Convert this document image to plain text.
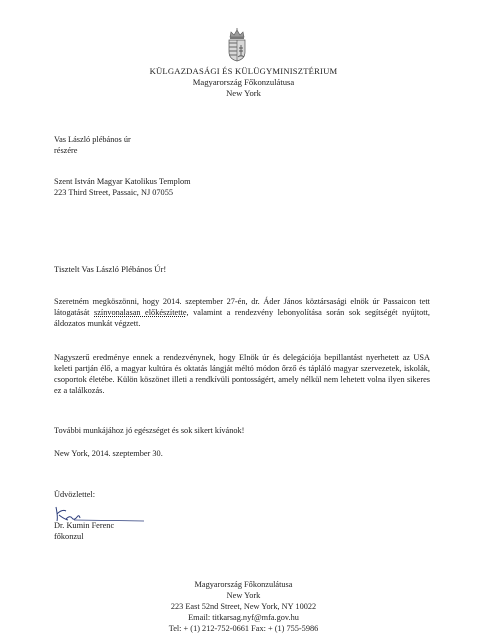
KÜLGAZDASÁGI ÉS KÜLÜGYMINISZTÉRIUM
Magyarország Főkonzulátusa
New York
Vas László plébános úr
részére
Szent István Magyar Katolikus Templom
223 Third Street, Passaic, NJ 07055
Tisztelt Vas László Plébános Úr!
Szeretném megköszönni, hogy 2014. szeptember 27-én, dr. Áder János köztársasági elnök úr Passaicon tett látogatását színvonalasan előkészítette, valamint a rendezvény lebonyolítása során sok segítségét nyújtott, áldozatos munkát végzett.
Nagyszerű eredménye ennek a rendezvénynek, hogy Elnök úr és delegációja bepillantást nyerhetett az USA keleti partján élő, a magyar kultúra és oktatás lángját méltó módon őrző és tápláló magyar szervezetek, iskolák, csoportok életébe. Külön köszönet illeti a rendkívüli pontosságért, amely nélkül nem lehetett volna ilyen sikeres ez a találkozás.
További munkájához jó egészséget és sok sikert kívánok!
New York, 2014. szeptember 30.
Üdvözlettel:
Dr. Kumin Ferenc
főkonzul
Magyarország Főkonzulátusa
New York
223 East 52nd Street, New York, NY 10022
Email: titkarsag.nyf@mfa.gov.hu
Tel: + (1) 212-752-0661 Fax: + (1) 755-5986
